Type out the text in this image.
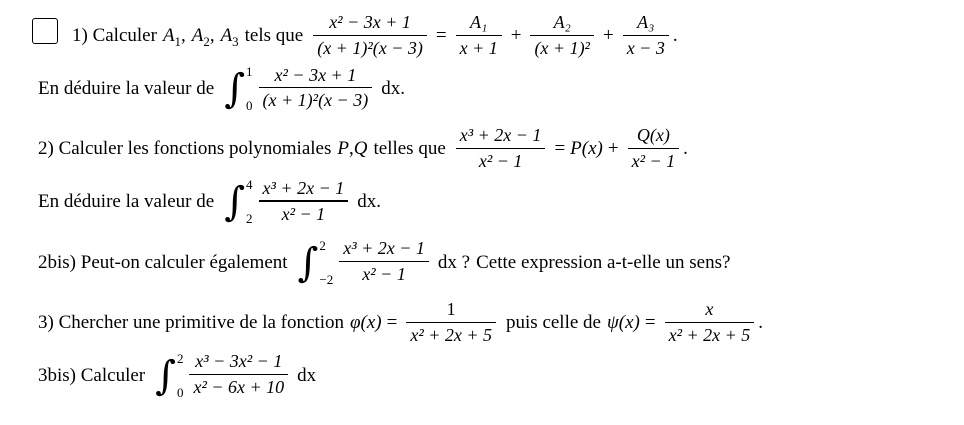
1) Calculer $A_1$ , $A_2$ , $A_3$ tels que $\frac{\text{x² − 3x + 1}}{\text{(x + 1)²(x − 3)}} = \frac{\text{A₁}}{x + 1} + \frac{\text{A₂}}{\text{(x + 1)²}} + \frac{\text{A₃}}{x - 3}$ .
En déduire la valeur de ∫ 1
$0 \frac{\text{x² − 3x + 1}}{\text{(x + 1)²(x − 3)}}$ dx.
2) Calculer les fonctions polynomiales P , Q telles que $\frac{\text{x³ + 2x − 1}}{\text{x² − 1}} = P(x) + \frac{Q(x)}{\text{x² − 1}}$ .
En déduire la valeur de ∫ 4
$2 \frac{\text{x³ + 2x − 1}}{\text{x² − 1}}$ dx.
2bis) Peut-on calculer également ∫ 2
$-2 \frac{\text{x³ + 2x − 1}}{\text{x² − 1}}$ dx ? Cette expression a-t-elle un sens?
3) Chercher une primitive de la fonction $\varphi(x) = \frac{1}{\text{x² + 2x + 5}}$ puis celle de $\psi(x) = \frac{x}{\text{x² + 2x + 5}}$ .
3bis) Calculer ∫ 2
$0 \frac{\text{x³ − 3x² − 1}}{\text{x² − 6x + 10}}$ dx
